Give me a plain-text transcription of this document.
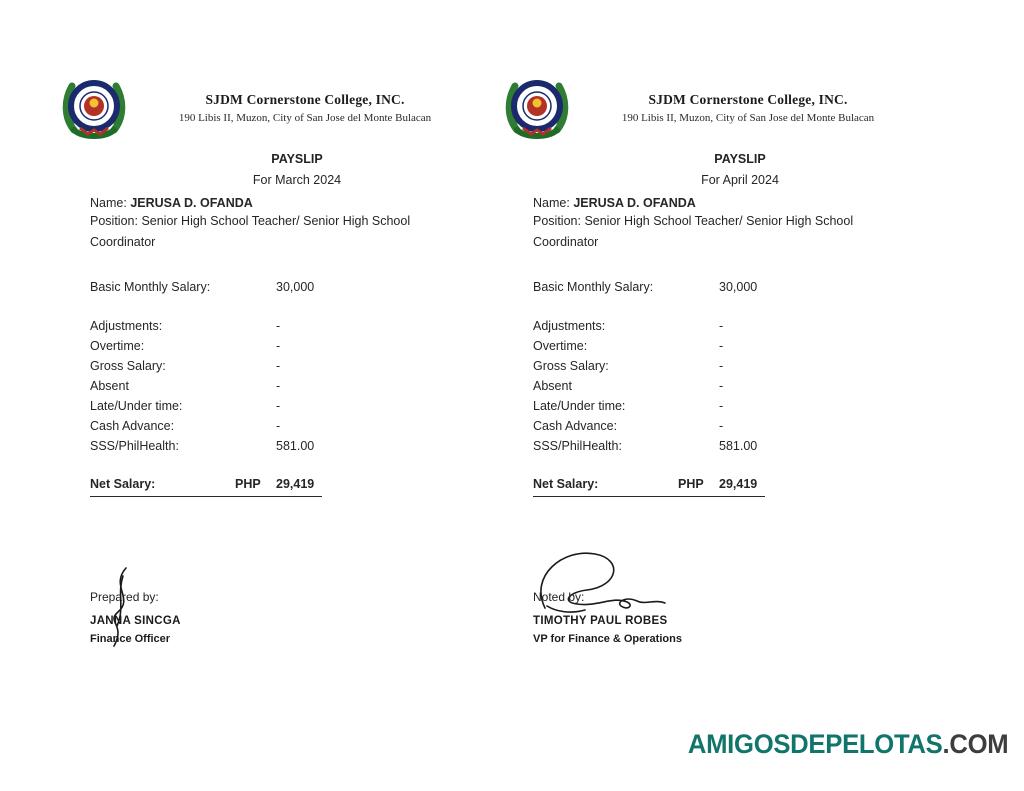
SJDM Cornerstone College, INC.
190 Libis II, Muzon, City of San Jose del Monte Bulacan
PAYSLIP
For March 2024
Name: JERUSA D. OFANDA
Position: Senior High School Teacher/ Senior High School Coordinator
Basic Monthly Salary:	30,000
Adjustments:	-
Overtime:	-
Gross Salary:	-
Absent	-
Late/Under time:	-
Cash Advance:	-
SSS/PhilHealth:	581.00
Net Salary:	PHP 29,419
Prepared by:
JANNA SINCGA
Finance Officer
SJDM Cornerstone College, INC.
190 Libis II, Muzon, City of San Jose del Monte Bulacan
PAYSLIP
For April 2024
Name: JERUSA D. OFANDA
Position: Senior High School Teacher/ Senior High School Coordinator
Basic Monthly Salary:	30,000
Adjustments:	-
Overtime:	-
Gross Salary:	-
Absent	-
Late/Under time:	-
Cash Advance:	-
SSS/PhilHealth:	581.00
Net Salary:	PHP 29,419
Noted by:
TIMOTHY PAUL ROBES
VP for Finance & Operations
AMIGOSDEPELOTAS.COM
